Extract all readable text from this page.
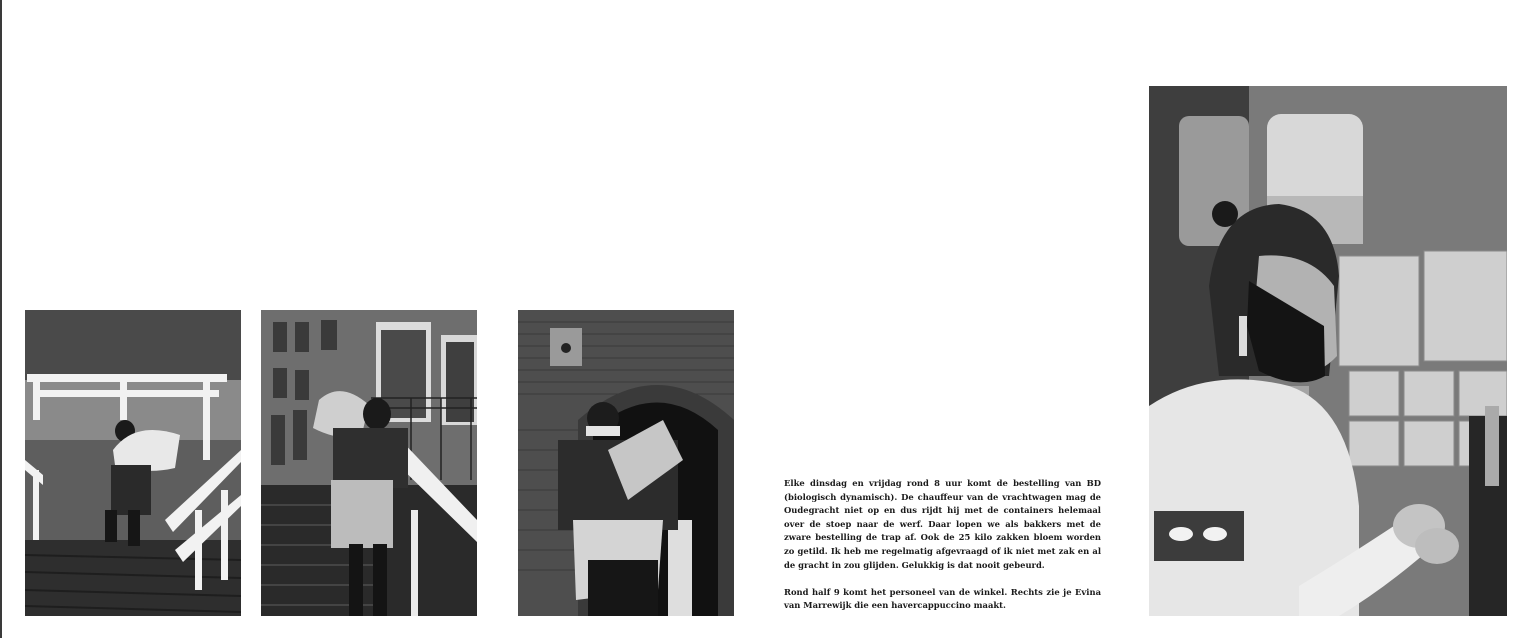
Elke dinsdag en vrijdag rond 8 uur komt de bestelling van BD (biologisch dynamisch). De chauffeur van de vrachtwagen mag de Oudegracht niet op en dus rijdt hij met de containers helemaal over de stoep naar de werf. Daar lopen we als bakkers met de zware bestelling de trap af. Ook de 25 kilo zakken bloem worden zo getild. Ik heb me regelmatig afgevraagd of ik niet met zak en al de gracht in zou glijden. Gelukkig is dat nooit gebeurd.

Rond half 9 komt het personeel van de winkel. Rechts zie je Evina van Marrewijk die een havercappuccino maakt.
